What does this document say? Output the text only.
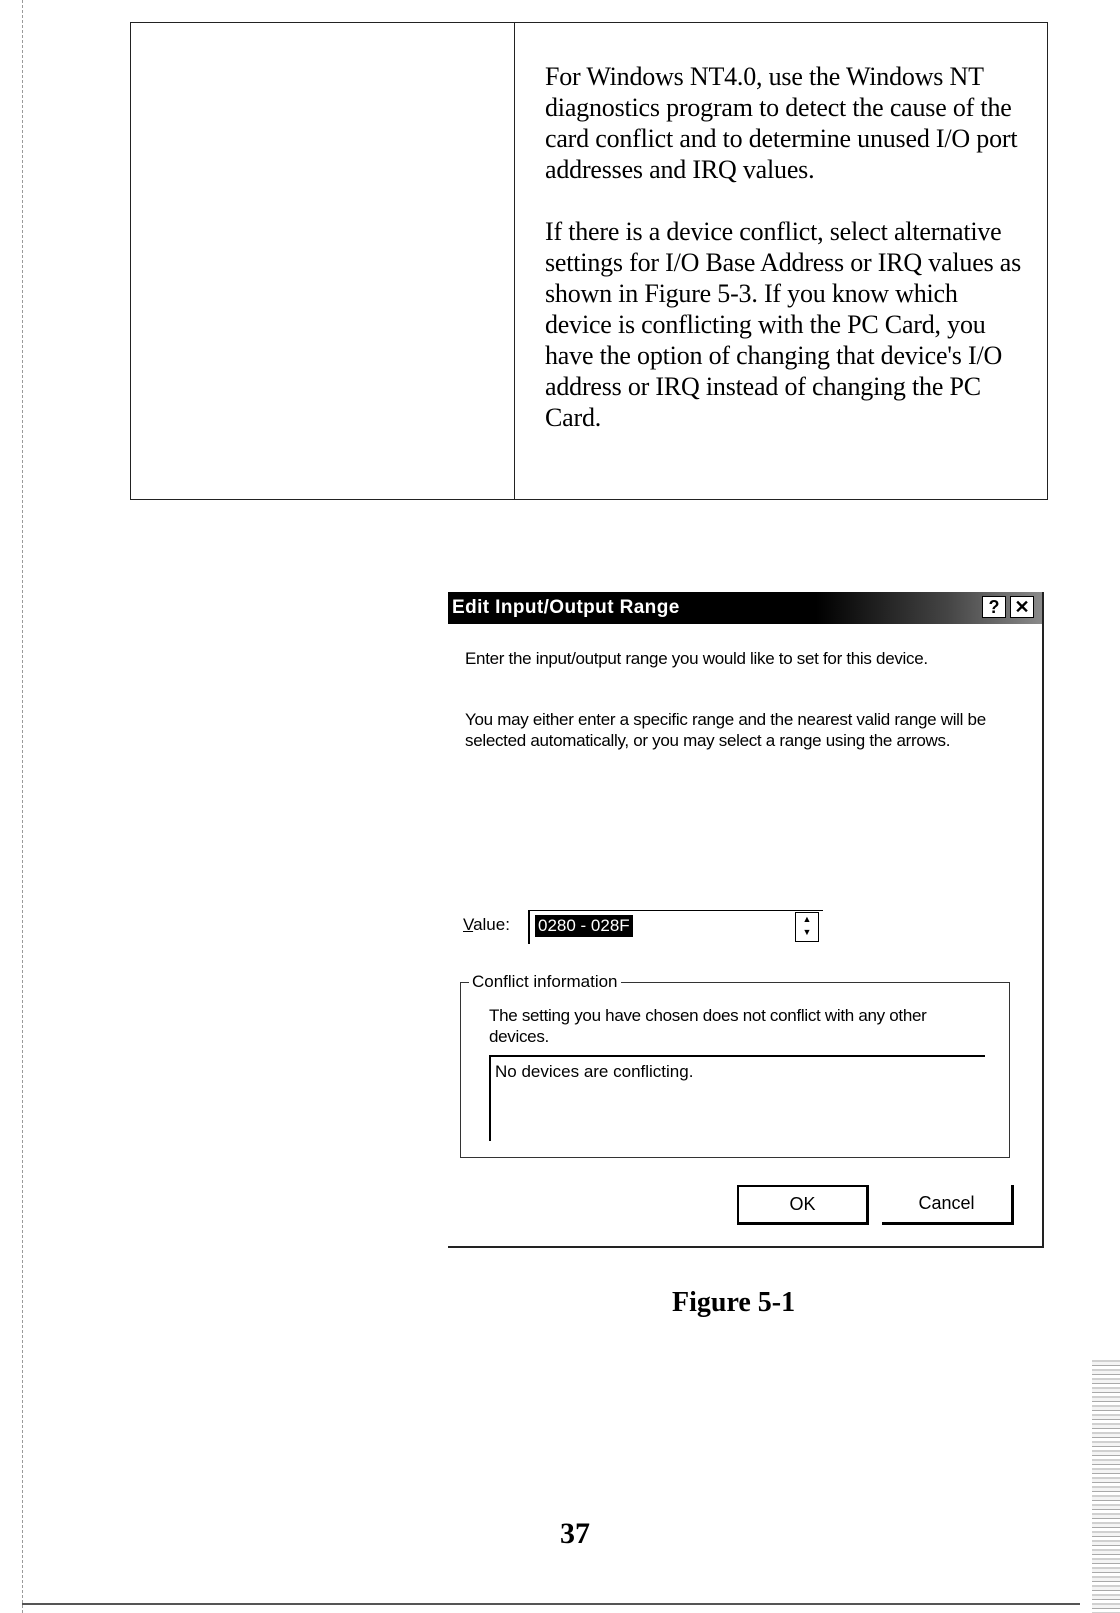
For Windows NT4.0, use the Windows NT diagnostics program to detect the cause of the card conflict and to determine unused I/O port addresses and IRQ values.

If there is a device conflict, select alternative settings for I/O Base Address or IRQ values as shown in Figure 5-3. If you know which device is conflicting with the PC Card, you have the option of changing that device's I/O address or IRQ instead of changing the PC Card.

Edit Input/Output Range	? ✕

Enter the input/output range you would like to set for this device.

You may either enter a specific range and the nearest valid range will be selected automatically, or you may select a range using the arrows.

Value: 0280 - 028F	▲
▼
Conflict information

The setting you have chosen does not conflict with any other devices.

No devices are conflicting.
OK	Cancel
Figure 5-1
37
